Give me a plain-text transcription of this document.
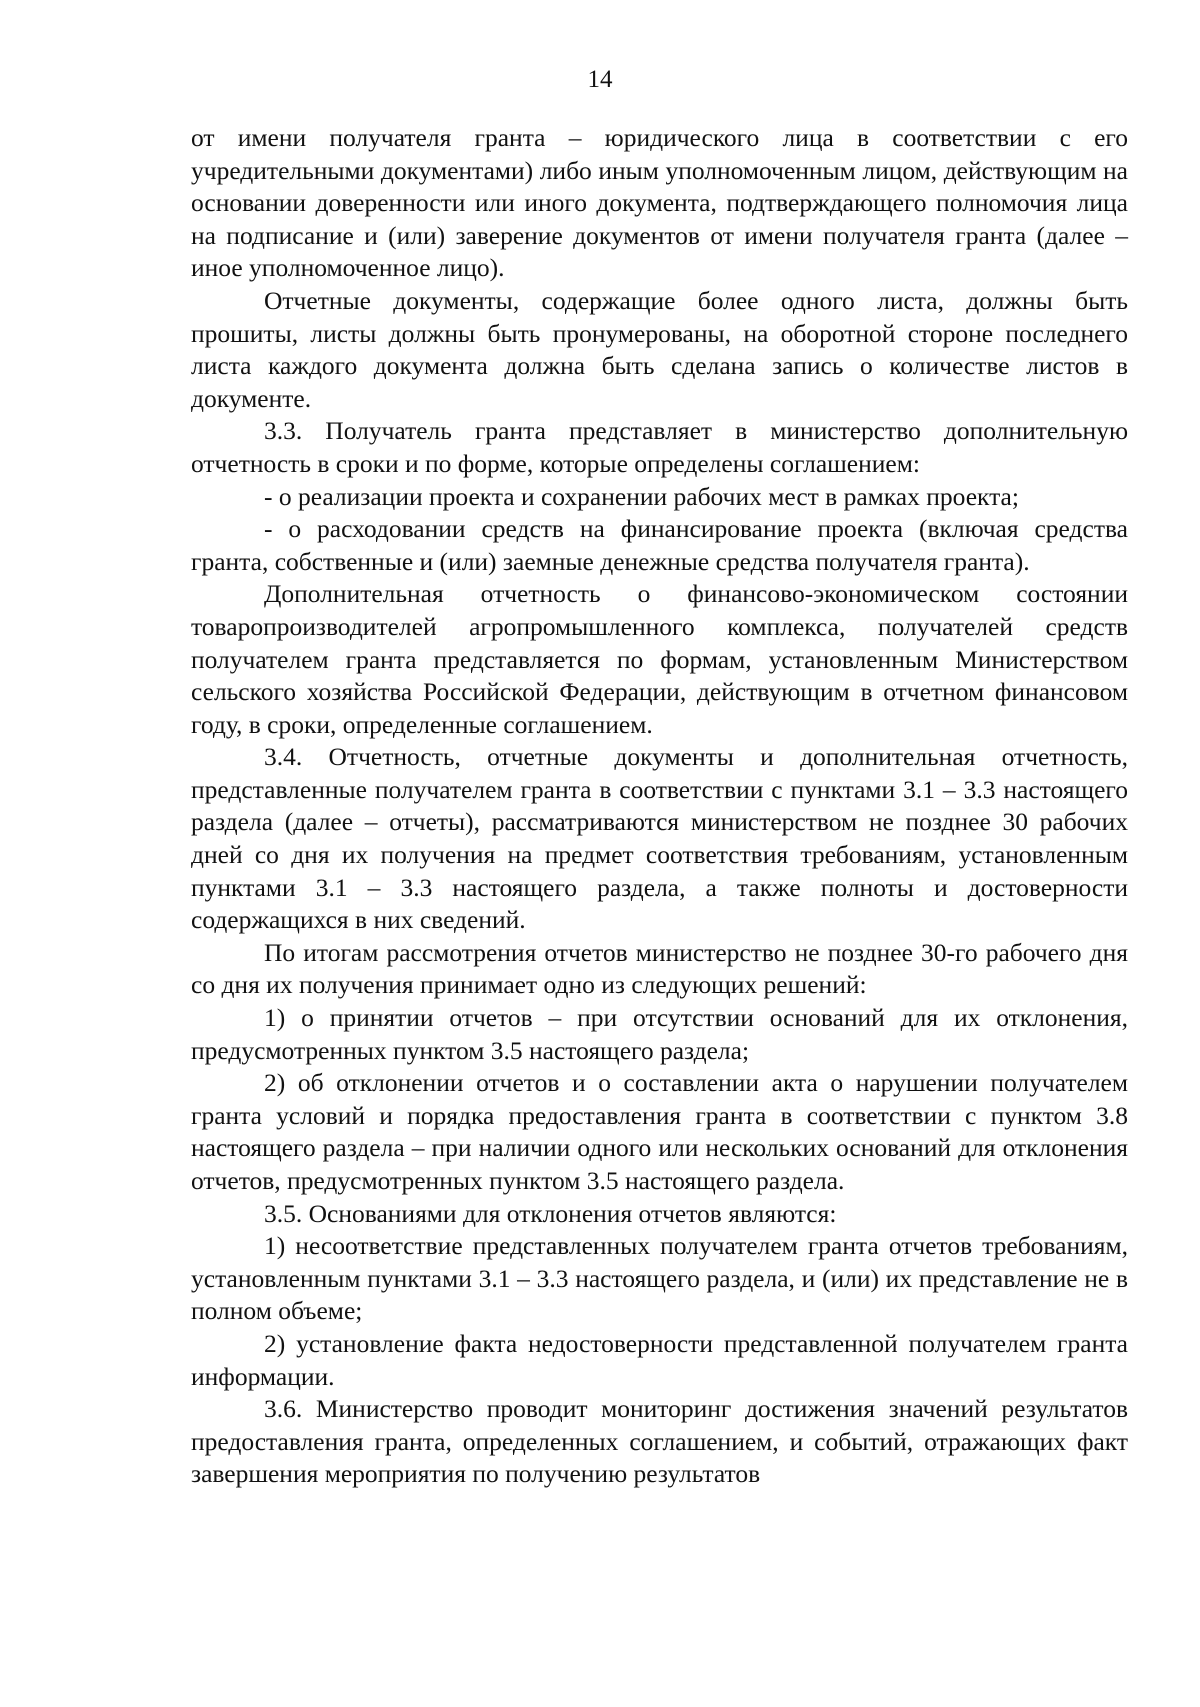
14

от имени получателя гранта – юридического лица в соответствии с его учредительными документами) либо иным уполномоченным лицом, действующим на основании доверенности или иного документа, подтверждающего полномочия лица на подписание и (или) заверение документов от имени получателя гранта (далее – иное уполномоченное лицо).

Отчетные документы, содержащие более одного листа, должны быть прошиты, листы должны быть пронумерованы, на оборотной стороне последнего листа каждого документа должна быть сделана запись о количестве листов в документе.

3.3. Получатель гранта представляет в министерство дополнительную отчетность в сроки и по форме, которые определены соглашением:

- о реализации проекта и сохранении рабочих мест в рамках проекта;

- о расходовании средств на финансирование проекта (включая средства гранта, собственные и (или) заемные денежные средства получателя гранта).

Дополнительная отчетность о финансово-экономическом состоянии товаропроизводителей агропромышленного комплекса, получателей средств получателем гранта представляется по формам, установленным Министерством сельского хозяйства Российской Федерации, действующим в отчетном финансовом году, в сроки, определенные соглашением.

3.4. Отчетность, отчетные документы и дополнительная отчетность, представленные получателем гранта в соответствии с пунктами 3.1 – 3.3 настоящего раздела (далее – отчеты), рассматриваются министерством не позднее 30 рабочих дней со дня их получения на предмет соответствия требованиям, установленным пунктами 3.1 – 3.3 настоящего раздела, а также полноты и достоверности содержащихся в них сведений.

По итогам рассмотрения отчетов министерство не позднее 30-го рабочего дня со дня их получения принимает одно из следующих решений:

1) о принятии отчетов – при отсутствии оснований для их отклонения, предусмотренных пунктом 3.5 настоящего раздела;

2) об отклонении отчетов и о составлении акта о нарушении получателем гранта условий и порядка предоставления гранта в соответствии с пунктом 3.8 настоящего раздела – при наличии одного или нескольких оснований для отклонения отчетов, предусмотренных пунктом 3.5 настоящего раздела.

3.5. Основаниями для отклонения отчетов являются:

1) несоответствие представленных получателем гранта отчетов требованиям, установленным пунктами 3.1 – 3.3 настоящего раздела, и (или) их представление не в полном объеме;

2) установление факта недостоверности представленной получателем гранта информации.

3.6. Министерство проводит мониторинг достижения значений результатов предоставления гранта, определенных соглашением, и событий, отражающих факт завершения мероприятия по получению результатов
